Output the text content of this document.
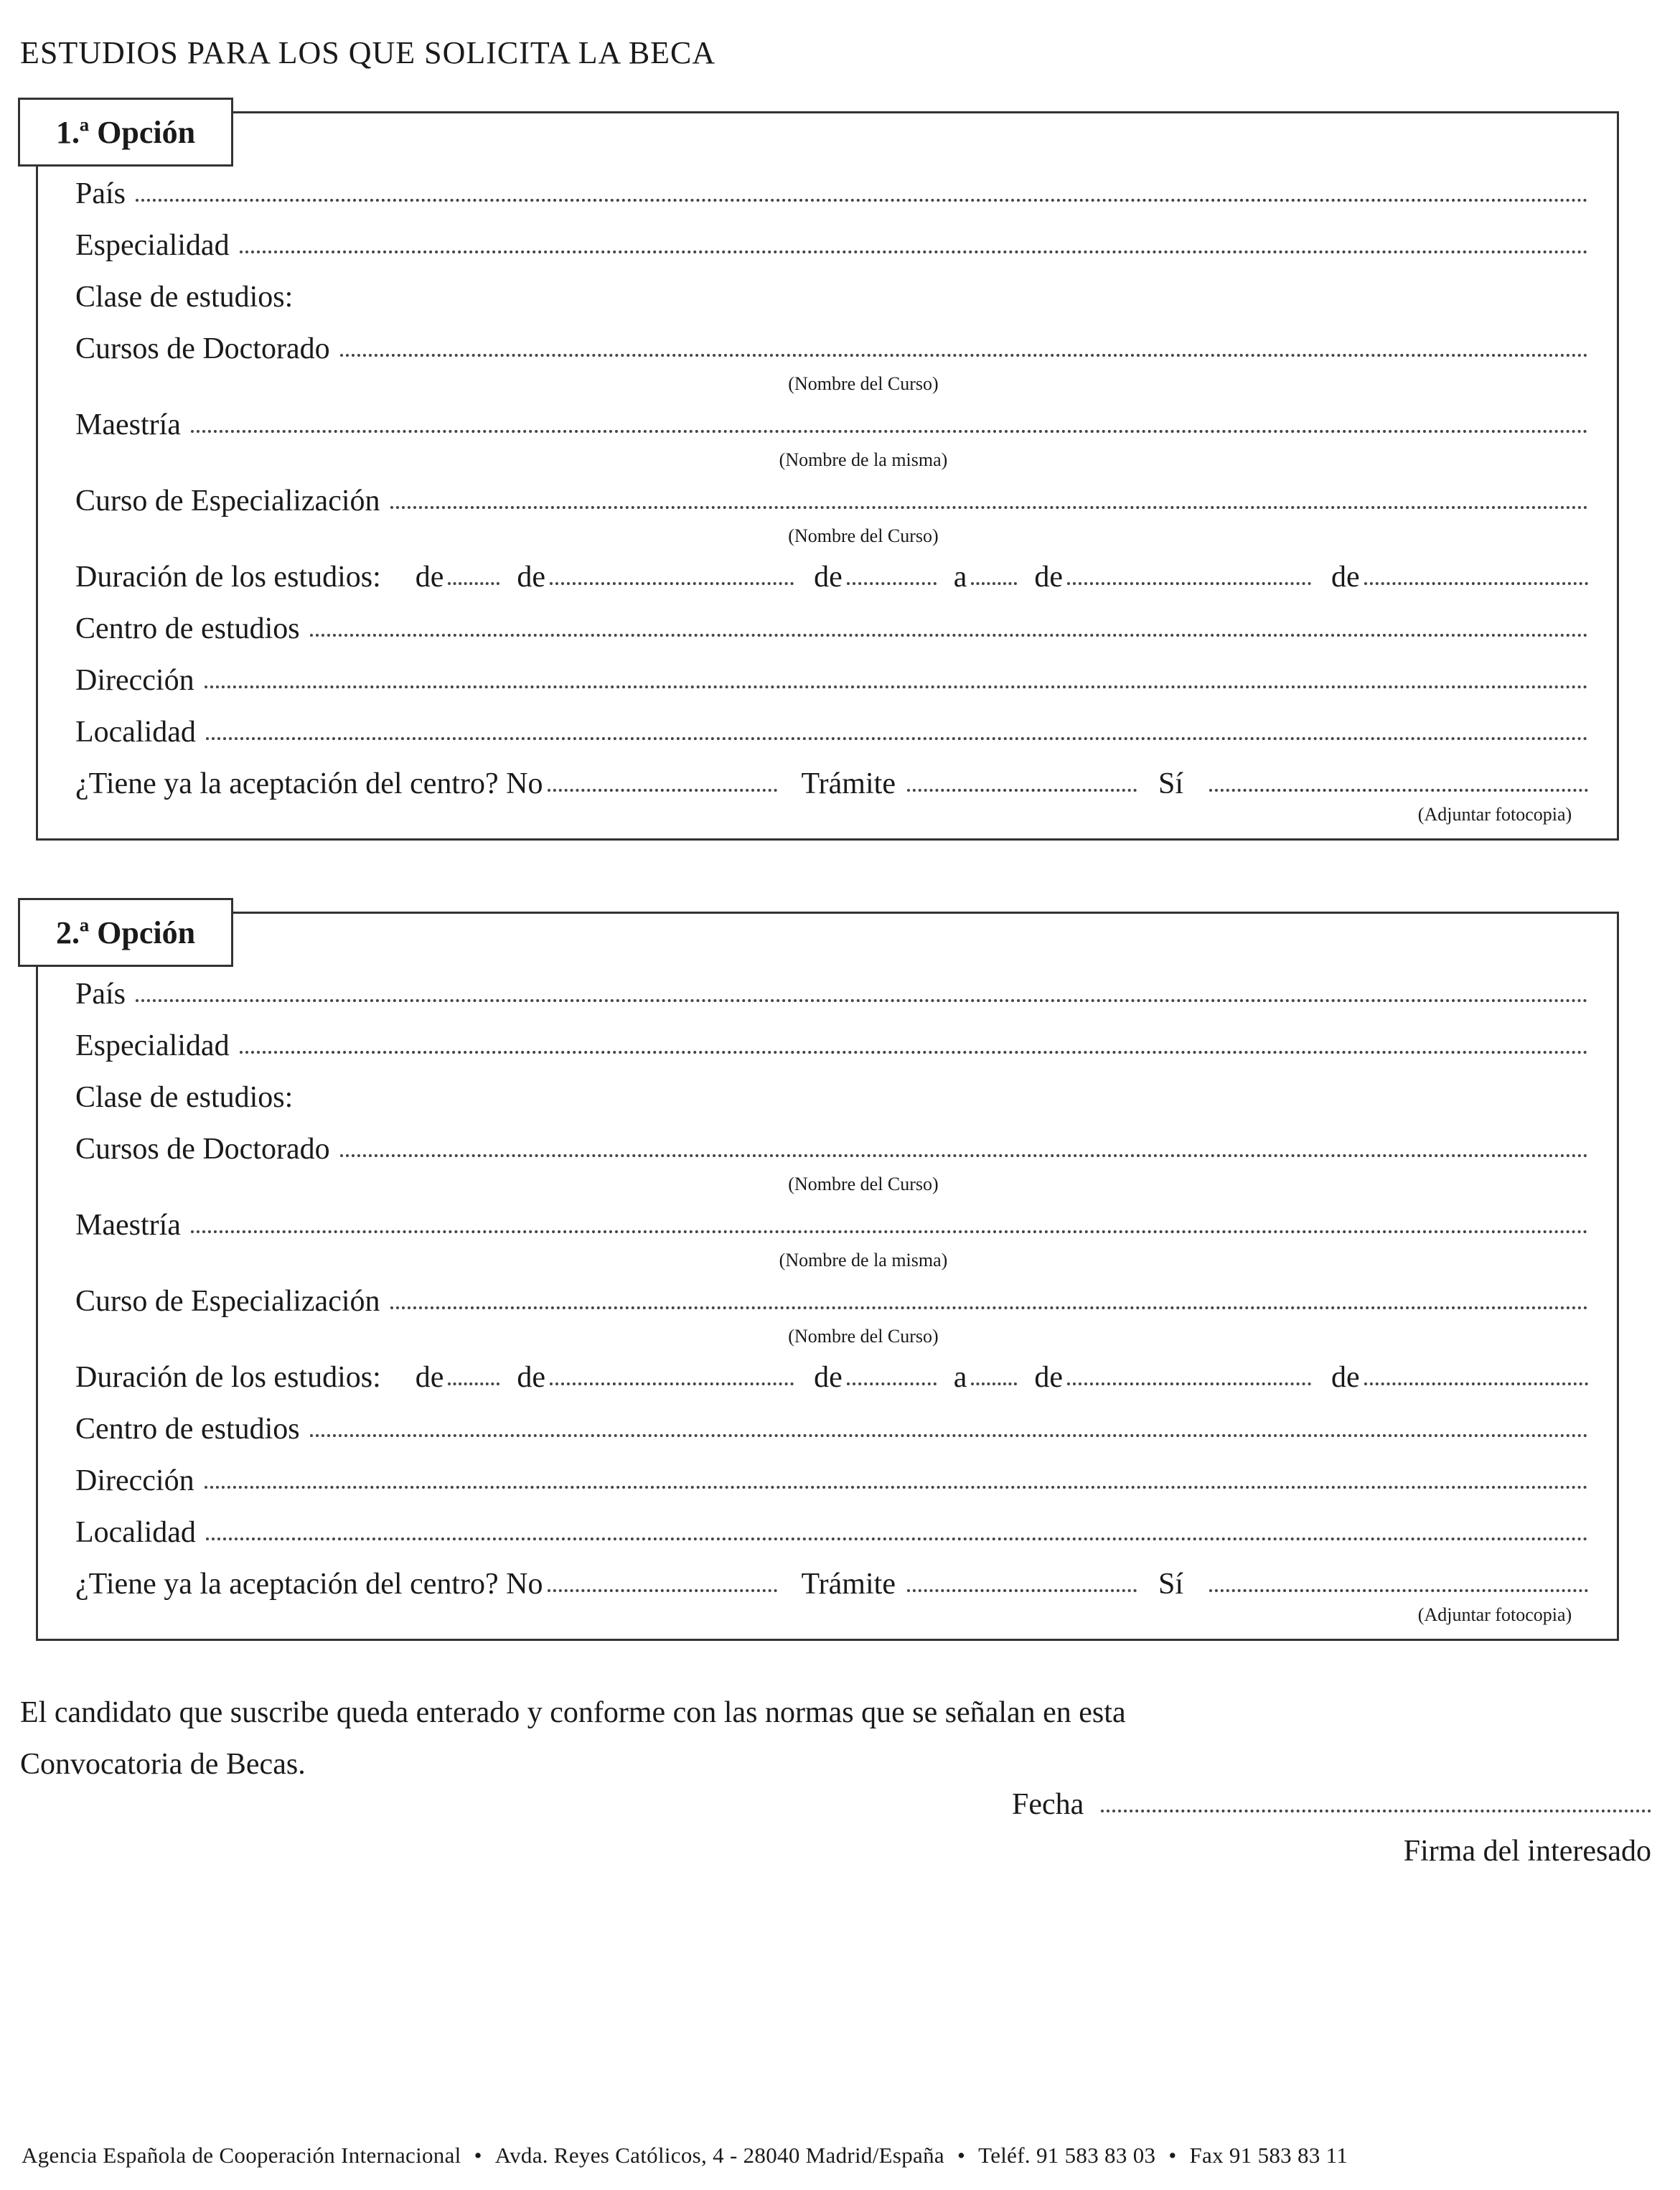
ESTUDIOS PARA LOS QUE SOLICITA LA BECA
1.ª Opción
País
Especialidad
Clase de estudios:
Cursos de Doctorado
(Nombre del Curso)
Maestría
(Nombre de la misma)
Curso de Especialización
(Nombre del Curso)
Duración de los estudios: de de	de	a de	de
Centro de estudios
Dirección
Localidad
¿Tiene ya la aceptación del centro? No	Trámite	Sí
(Adjuntar fotocopia)
2.ª Opción
País
Especialidad
Clase de estudios:
Cursos de Doctorado
(Nombre del Curso)
Maestría
(Nombre de la misma)
Curso de Especialización
(Nombre del Curso)
Duración de los estudios: de de	de	a de	de
Centro de estudios
Dirección
Localidad
¿Tiene ya la aceptación del centro? No	Trámite	Sí
(Adjuntar fotocopia)
El candidato que suscribe queda enterado y conforme con las normas que se señalan en esta
Convocatoria de Becas.
Fecha
Firma del interesado
Agencia Española de Cooperación Internacional • Avda. Reyes Católicos, 4 - 28040 Madrid/España • Teléf. 91 583 83 03 • Fax 91 583 83 11
